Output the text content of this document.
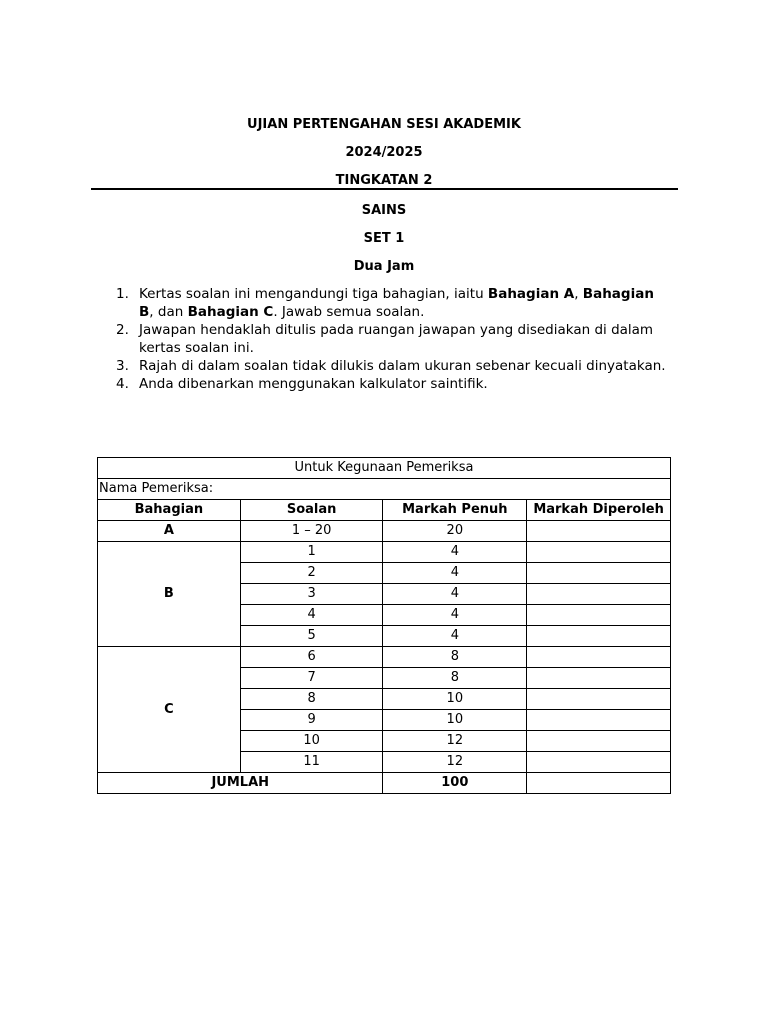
UJIAN PERTENGAHAN SESI AKADEMIK
2024/2025
TINGKATAN 2
SAINS
SET 1
Dua Jam
1. Kertas soalan ini mengandungi tiga bahagian, iaitu Bahagian A, Bahagian B, dan Bahagian C. Jawab semua soalan.
2. Jawapan hendaklah ditulis pada ruangan jawapan yang disediakan di dalam kertas soalan ini.
3. Rajah di dalam soalan tidak dilukis dalam ukuran sebenar kecuali dinyatakan.
4. Anda dibenarkan menggunakan kalkulator saintifik.
Untuk Kegunaan Pemeriksa			
Nama Pemeriksa:			
Bahagian	Soalan	Markah Penuh	Markah Diperoleh
A	1 – 20	20	
B	1	4	
	2	4	
	3	4	
	4	4	
	5	4	
C	6	8	
	7	8	
	8	10	
	9	10	
	10	12	
	11	12	
JUMLAH		100	
